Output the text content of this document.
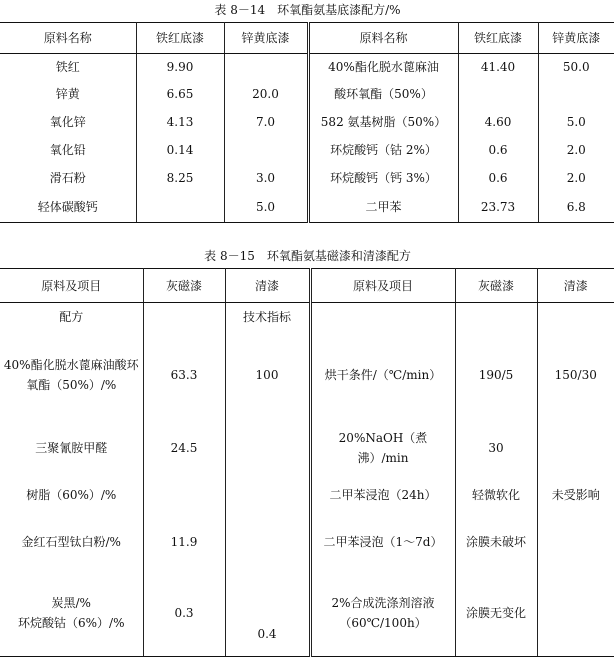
表 8－14　环氧酯氨基底漆配方/%
原料名称	铁红底漆	锌黄底漆	原料名称	铁红底漆	锌黄底漆
铁红	9.90		40%酯化脱水蓖麻油	41.40	50.0
锌黄	6.65	20.0	酸环氧酯（50%）		
氧化锌	4.13	7.0	582 氨基树脂（50%）	4.60	5.0
氧化铅	0.14		环烷酸钙（钴 2%）	0.6	2.0
滑石粉	8.25	3.0	环烷酸钙（钙 3%）	0.6	2.0
轻体碳酸钙		5.0	二甲苯	23.73	6.8
表 8－15　环氧酯氨基磁漆和清漆配方
原料及项目	灰磁漆	清漆	原料及项目	灰磁漆	清漆
配方		技术指标			
40%酯化脱水蓖麻油酸环氧酯（50%）/%	63.3	100	烘干条件/（℃/min）	190/5	150/30
三聚氰胺甲醛	24.5		20%NaOH（煮沸）/min	30	
树脂（60%）/%			二甲苯浸泡（24h）	轻微软化	未受影响
金红石型钛白粉/%	11.9		二甲苯浸泡（1～7d）	涂膜未破坏	

炭黑/%
环烷酸钴（6%）/%	0.3	0.4	2%合成洗涤剂溶液（60℃/100h）	涂膜无变化	
